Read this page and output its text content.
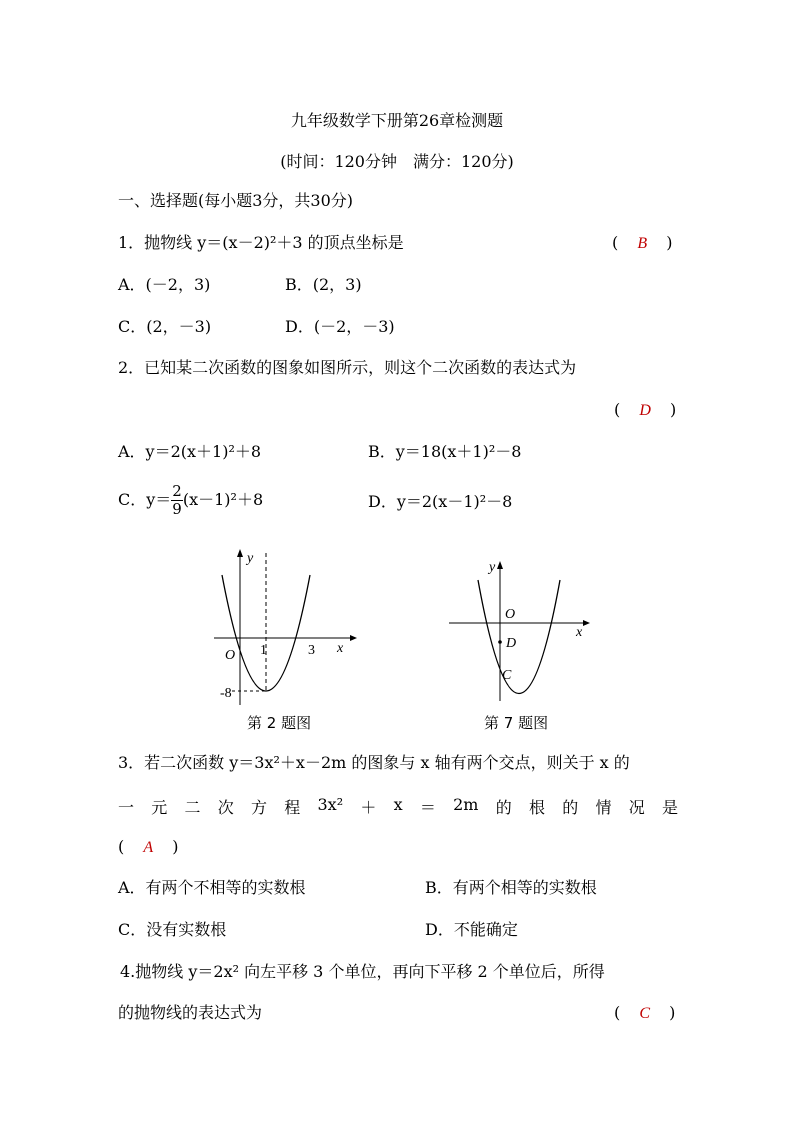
九年级数学下册第26章检测题
(时间：120分钟　满分：120分)
一、选择题(每小题3分，共30分)
1．抛物线 y＝(x－2)²＋3 的顶点坐标是	( B )
A．(－2，3)	B．(2，3)
C．(2，－3)	D．(－2，－3)
2．已知某二次函数的图象如图所示，则这个二次函数的表达式为
( D )
A．y＝2(x＋1)²＋8	B．y＝18(x＋1)²－8
C．$y= \frac{2}{9} (x-1)^2+8$	D．y＝2(x－1)²－8
y
x
O 1	3
-8
第 2 题图
y
x
O
D
C
第 7 题图
3．若二次函数 y＝3x²＋x－2m 的图象与 x 轴有两个交点，则关于 x 的
一 元 二 次 方 程 3x² ＋ x ＝ 2m 的 根 的 情 况 是
( A )
A．有两个不相等的实数根	B．有两个相等的实数根
C．没有实数根	D．不能确定
4.抛物线 y＝2x² 向左平移 3 个单位，再向下平移 2 个单位后，所得
的抛物线的表达式为	( C )
